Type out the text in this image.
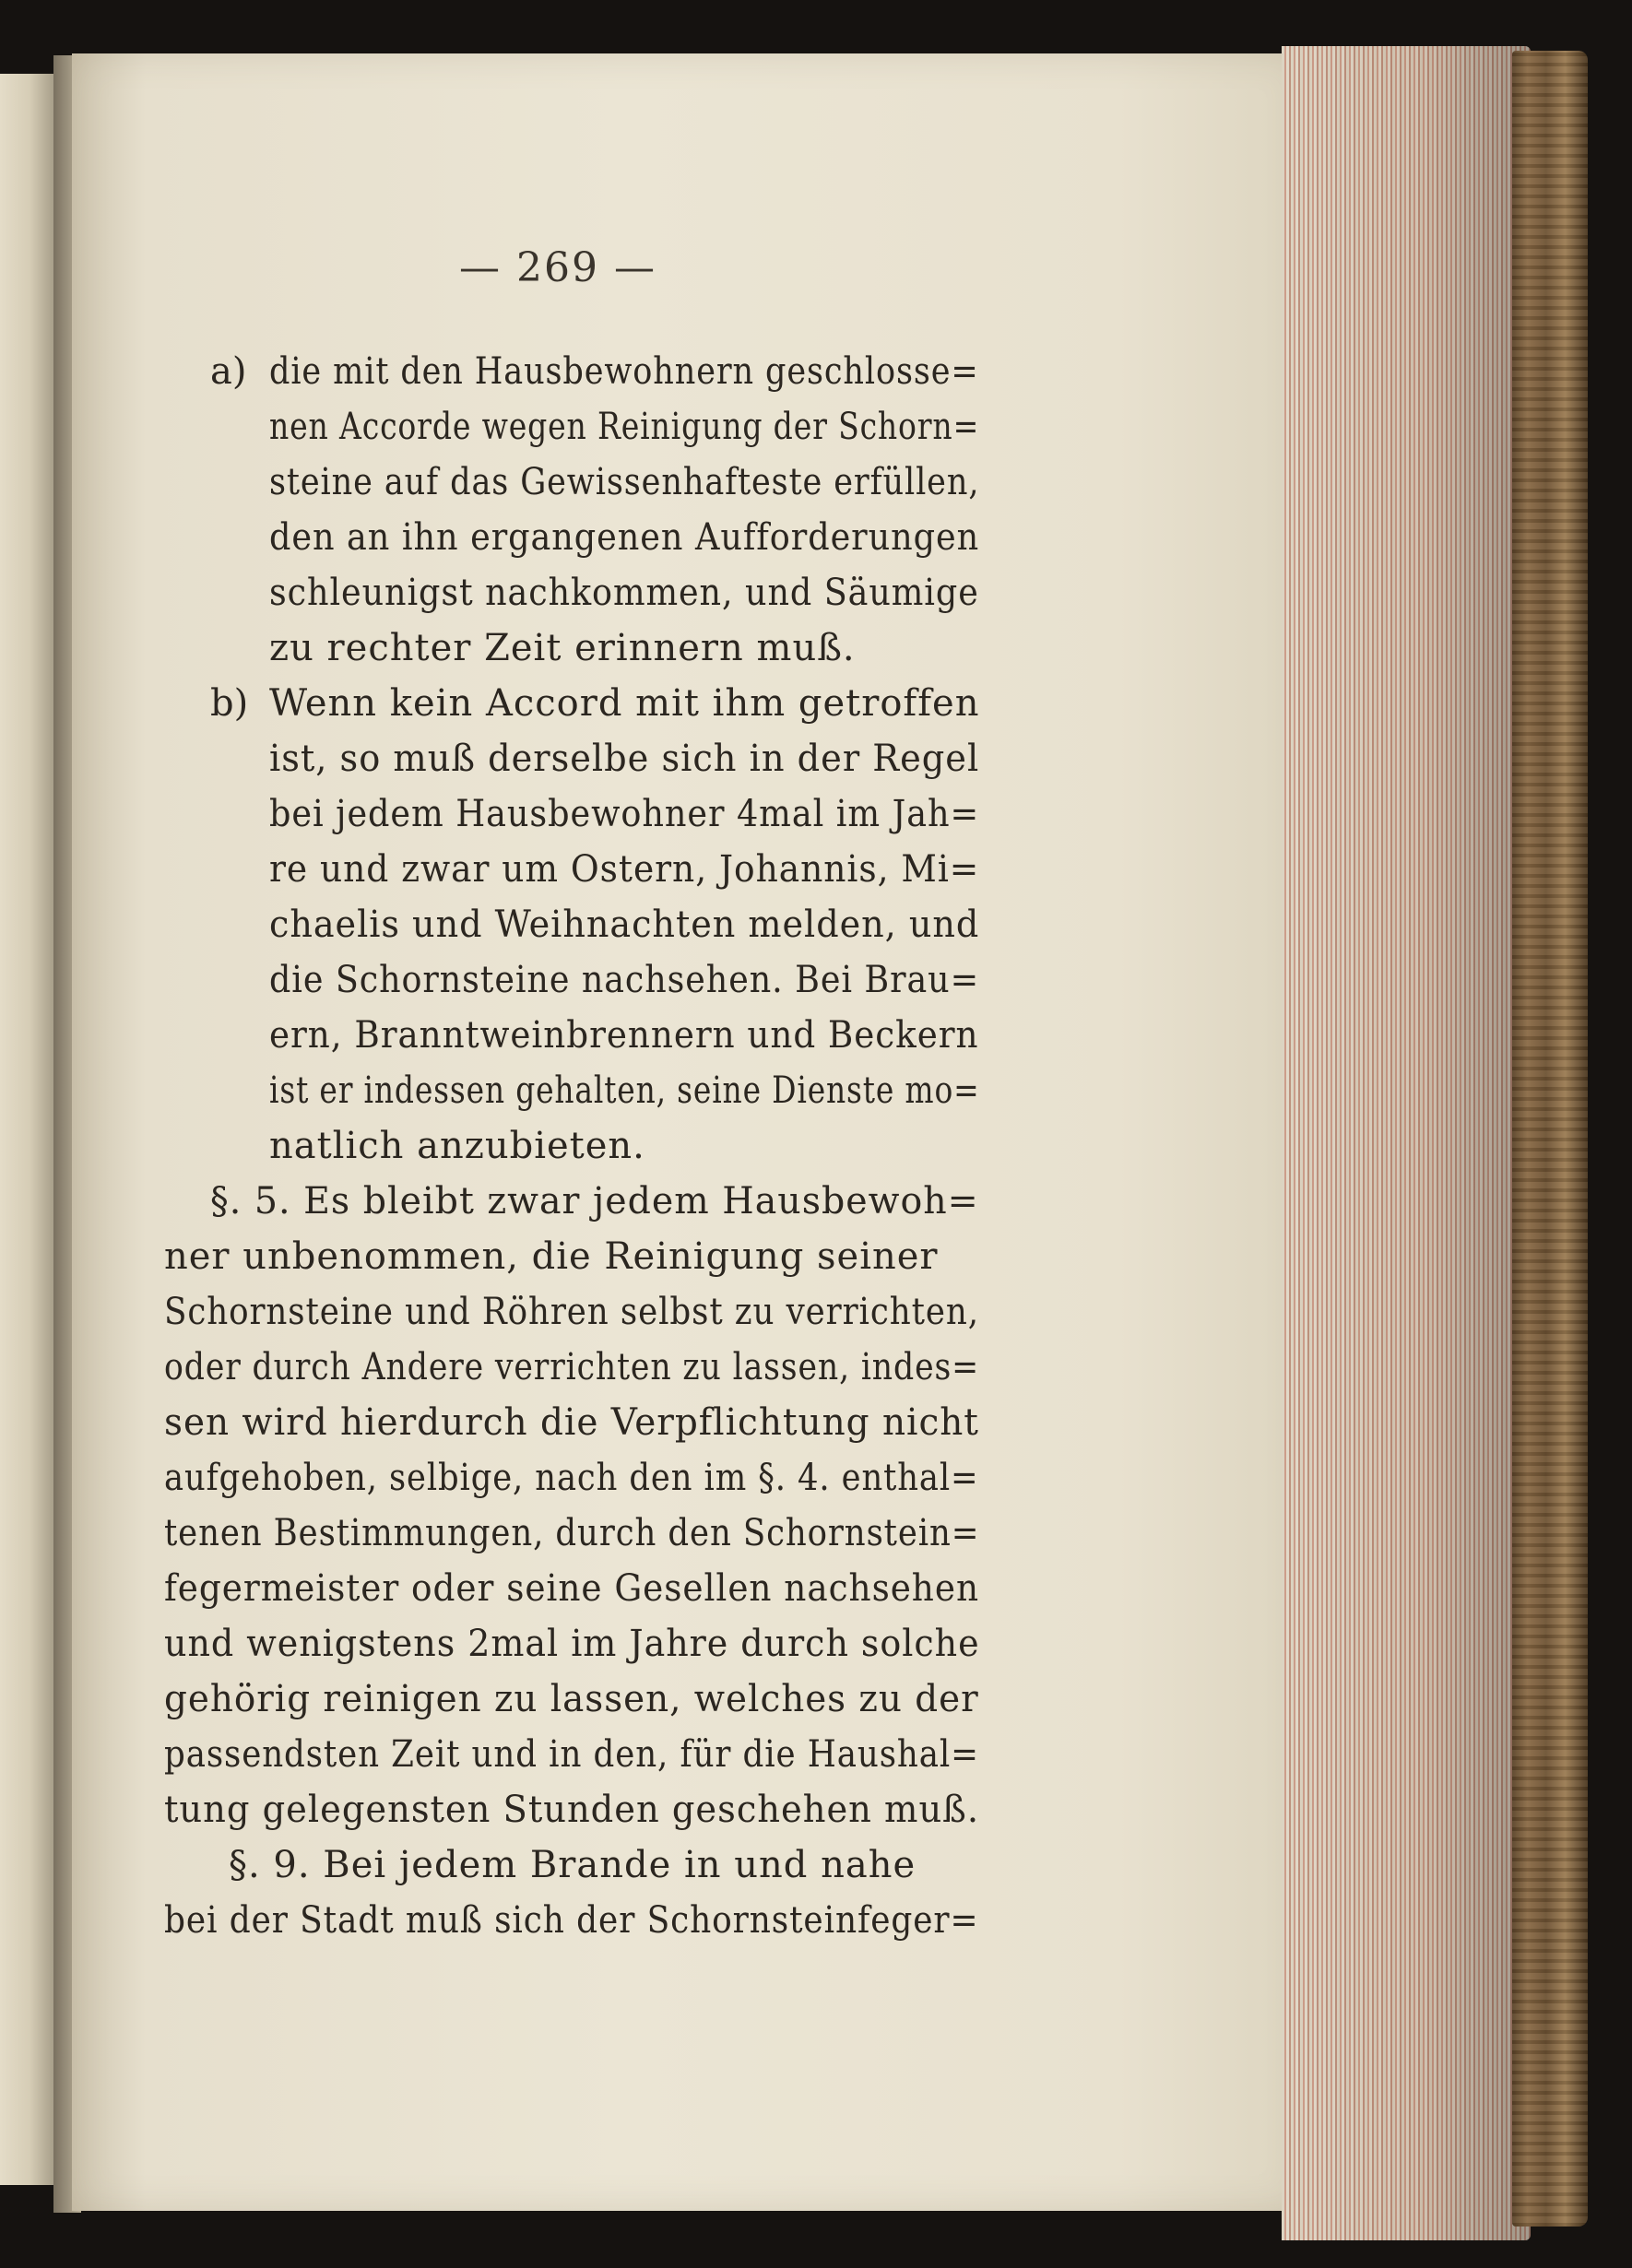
— 269 —
a) die mit den Hausbewohnern geschlosse=
nen Accorde wegen Reinigung der Schorn=
steine auf das Gewissenhafteste erfüllen,
den an ihn ergangenen Aufforderungen
schleunigst nachkommen, und Säumige
zu rechter Zeit erinnern muß.
b) Wenn kein Accord mit ihm getroffen
ist, so muß derselbe sich in der Regel
bei jedem Hausbewohner 4mal im Jah=
re und zwar um Ostern, Johannis, Mi=
chaelis und Weihnachten melden, und
die Schornsteine nachsehen. Bei Brau=
ern, Branntweinbrennern und Beckern
ist er indessen gehalten, seine Dienste mo=
natlich anzubieten.
§. 5. Es bleibt zwar jedem Hausbewoh=
ner unbenommen, die Reinigung seiner
Schornsteine und Röhren selbst zu verrichten,
oder durch Andere verrichten zu lassen, indes=
sen wird hierdurch die Verpflichtung nicht
aufgehoben, selbige, nach den im §. 4. enthal=
tenen Bestimmungen, durch den Schornstein=
fegermeister oder seine Gesellen nachsehen
und wenigstens 2mal im Jahre durch solche
gehörig reinigen zu lassen, welches zu der
passendsten Zeit und in den, für die Haushal=
tung gelegensten Stunden geschehen muß.
§. 9. Bei jedem Brande in und nahe
bei der Stadt muß sich der Schornsteinfeger=
